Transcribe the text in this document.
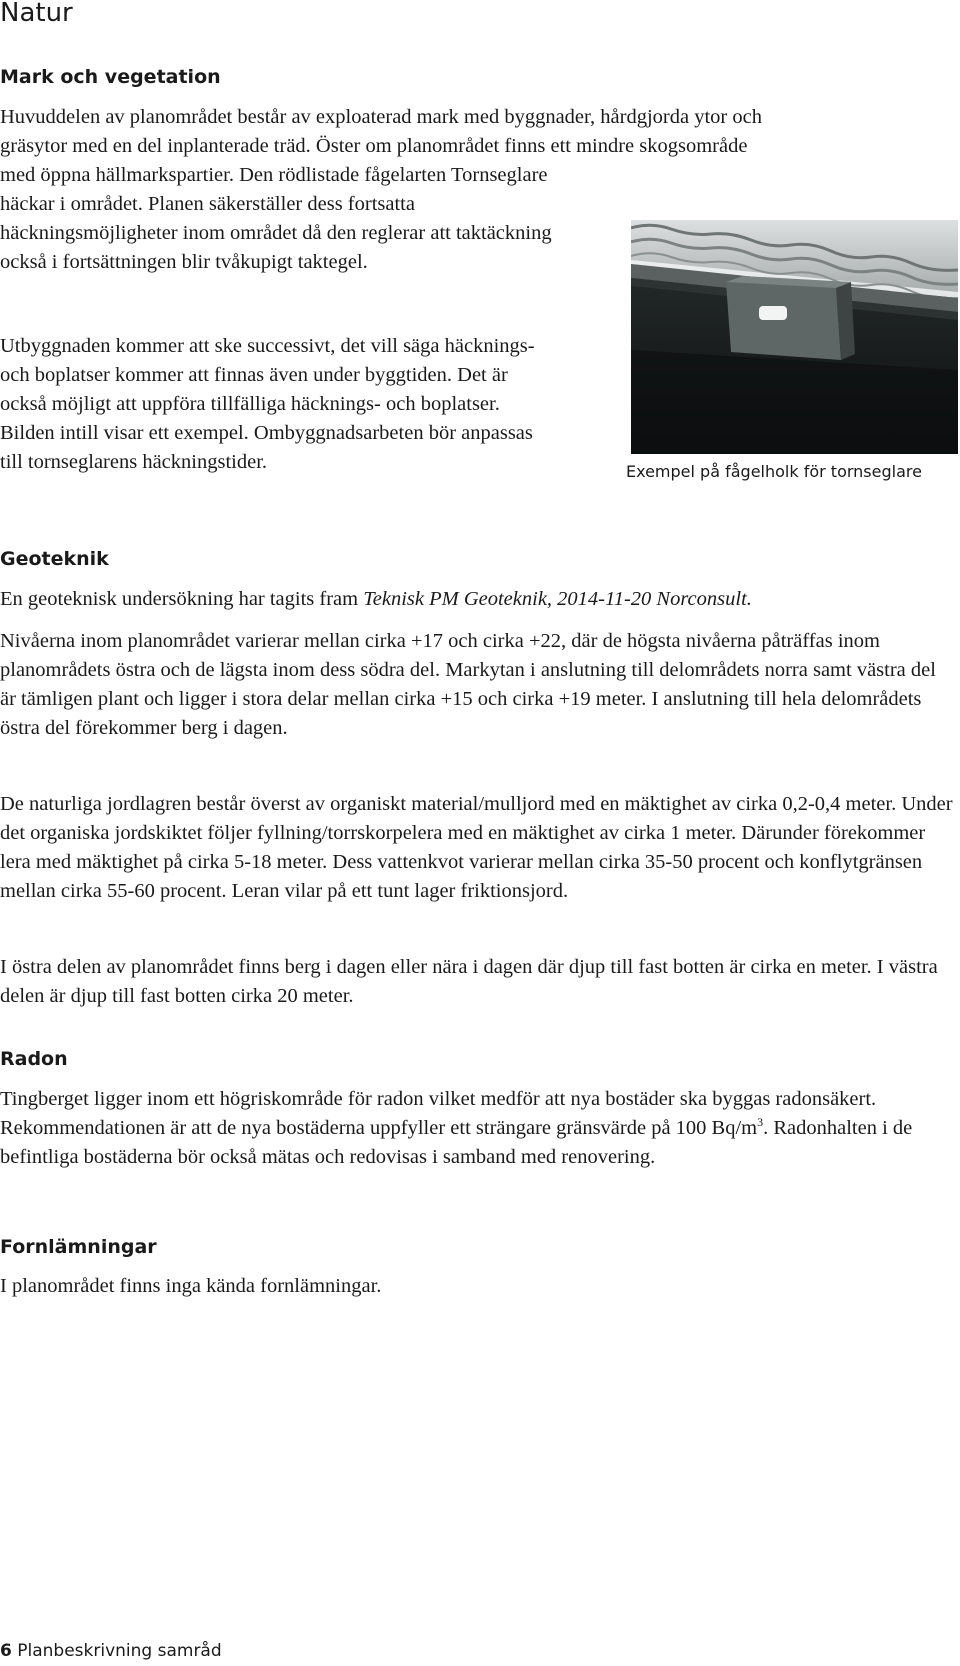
Natur
Mark och vegetation

Huvuddelen av planområdet består av exploaterad mark med byggnader, hårdgjorda ytor och

gräsytor med en del inplanterade träd. Öster om planområdet finns ett mindre skogsområde

med öppna hällmarkspartier. Den rödlistade fågelarten Tornseglare häckar i området. Planen säkerställer dess fortsatta häckningsmöjligheter inom området då den reglerar att taktäckning också i fortsättningen blir tvåkupigt taktegel.

Utbyggnaden kommer att ske successivt, det vill säga häcknings- och boplatser kommer att finnas även under byggtiden. Det är också möjligt att uppföra tillfälliga häcknings- och boplatser. Bilden intill visar ett exempel. Ombyggnadsarbeten bör anpassas till tornseglarens häckningstider.	Exempel på fågelholk för tornseglare
Geoteknik

En geoteknisk undersökning har tagits fram Teknisk PM Geoteknik, 2014-11-20 Norconsult.

Nivåerna inom planområdet varierar mellan cirka +17 och cirka +22, där de högsta nivåerna påträffas inom planområdets östra och de lägsta inom dess södra del. Markytan i anslutning till delområdets norra samt västra del är tämligen plant och ligger i stora delar mellan cirka +15 och cirka +19 meter. I anslutning till hela delområdets östra del förekommer berg i dagen.

De naturliga jordlagren består överst av organiskt material/mulljord med en mäktighet av cirka 0,2-0,4 meter. Under det organiska jordskiktet följer fyllning/torrskorpelera med en mäktighet av cirka 1 meter. Därunder förekommer lera med mäktighet på cirka 5-18 meter. Dess vattenkvot varierar mellan cirka 35-50 procent och konflytgränsen mellan cirka 55-60 procent. Leran vilar på ett tunt lager friktionsjord.

I östra delen av planområdet finns berg i dagen eller nära i dagen där djup till fast botten är cirka en meter. I västra delen är djup till fast botten cirka 20 meter.

Radon

Tingberget ligger inom ett högriskområde för radon vilket medför att nya bostäder ska byggas radonsäkert. Rekommendationen är att de nya bostäderna uppfyller ett strängare gränsvärde på 100 $Bq/m^3$. Radonhalten i de befintliga bostäderna bör också mätas och redovisas i samband med renovering.

Fornlämningar

I planområdet finns inga kända fornlämningar.

6 Planbeskrivning samråd
